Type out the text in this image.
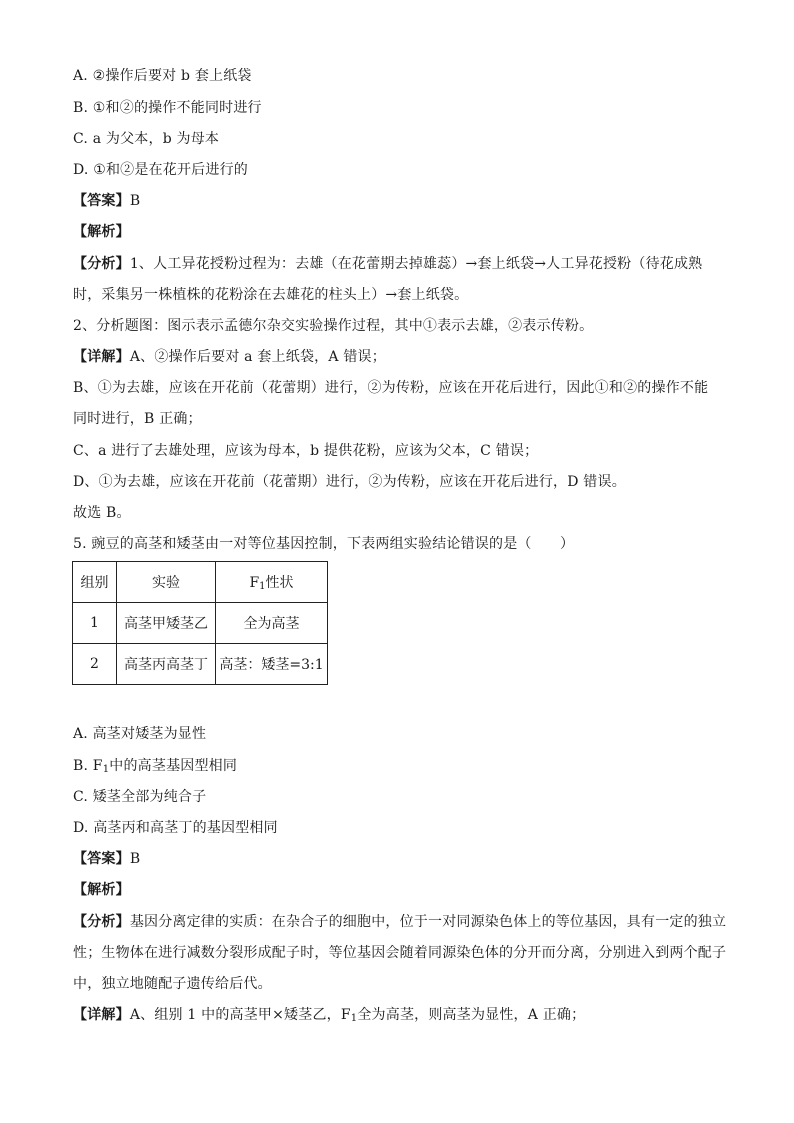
A. ②操作后要对 b 套上纸袋
B. ①和②的操作不能同时进行
C. a 为父本，b 为母本
D. ①和②是在花开后进行的
【答案】B
【解析】
【分析】1、人工异花授粉过程为：去雄（在花蕾期去掉雄蕊）→套上纸袋→人工异花授粉（待花成熟
时，采集另一株植株的花粉涂在去雄花的柱头上）→套上纸袋。
2、分析题图：图示表示孟德尔杂交实验操作过程，其中①表示去雄，②表示传粉。
【详解】A、②操作后要对 a 套上纸袋，A 错误；
B、①为去雄，应该在开花前（花蕾期）进行，②为传粉，应该在开花后进行，因此①和②的操作不能
同时进行，B 正确；
C、a 进行了去雄处理，应该为母本，b 提供花粉，应该为父本，C 错误；
D、①为去雄，应该在开花前（花蕾期）进行，②为传粉，应该在开花后进行，D 错误。
故选 B。
5. 豌豆的高茎和矮茎由一对等位基因控制，下表两组实验结论错误的是（　　）
组别	实验	$F_1$性状
1	高茎甲矮茎乙	全为高茎
2	高茎丙高茎丁	高茎：矮茎=3:1
A. 高茎对矮茎为显性
B. $F_1$中的高茎基因型相同
C. 矮茎全部为纯合子
D. 高茎丙和高茎丁的基因型相同
【答案】B
【解析】
【分析】基因分离定律的实质：在杂合子的细胞中，位于一对同源染色体上的等位基因，具有一定的独立
性；生物体在进行减数分裂形成配子时，等位基因会随着同源染色体的分开而分离，分别进入到两个配子
中，独立地随配子遗传给后代。
【详解】A、组别 1 中的高茎甲×矮茎乙，$F_1$全为高茎，则高茎为显性，A 正确；
